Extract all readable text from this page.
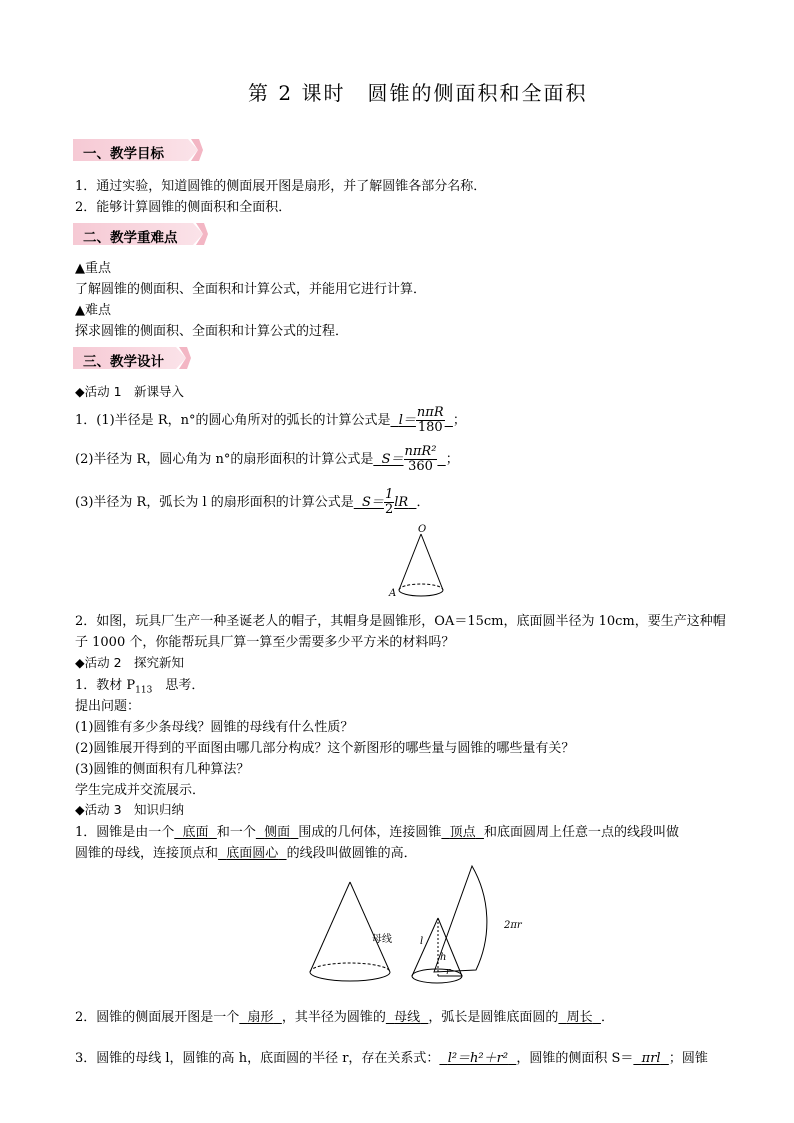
第 2 课时　圆锥的侧面积和全面积
一、教学目标
1．通过实验，知道圆锥的侧面展开图是扇形，并了解圆锥各部分名称．
2．能够计算圆锥的侧面积和全面积．
二、教学重难点
▲重点
了解圆锥的侧面积、全面积和计算公式，并能用它进行计算．
▲难点
探求圆锥的侧面积、全面积和计算公式的过程．
三、教学设计
◆活动 1　新课导入
1．(1)半径是 R，n°的圆心角所对的弧长的计算公式是 $l= \frac{\text{nπR}}{180}$ ；
(2)半径为 R，圆心角为 n°的扇形面积的计算公式是 $S= \frac{\text{nπR²}}{360}$ ；
(3)半径为 R，弧长为 l 的扇形面积的计算公式是 $S= \frac{1}{2}$ lR ．
O
A
2．如图，玩具厂生产一种圣诞老人的帽子，其帽身是圆锥形，OA＝15cm，底面圆半径为 10cm，要生产这种帽
子 1000 个，你能帮玩具厂算一算至少需要多少平方米的材料吗？
◆活动 2　探究新知
1．教材 $P_{113}$　思考．
提出问题：
(1)圆锥有多少条母线？圆锥的母线有什么性质？
(2)圆锥展开得到的平面图由哪几部分构成？这个新图形的哪些量与圆锥的哪些量有关？
(3)圆锥的侧面积有几种算法？
学生完成并交流展示．
◆活动 3　知识归纳
1．圆锥是由一个 底面 和一个 侧面 围成的几何体，连接圆锥 顶点 和底面圆周上任意一点的线段叫做
圆锥的母线，连接顶点和 底面圆心 的线段叫做圆锥的高．
母线
2πr
l
h
r
2．圆锥的侧面展开图是一个 扇形 ，其半径为圆锥的 母线 ，弧长是圆锥底面圆的 周长 ．
3．圆锥的母线 l，圆锥的高 h，底面圆的半径 r，存在关系式： l²＝h²＋r² ，圆锥的侧面积 S＝ πrl ；圆锥
